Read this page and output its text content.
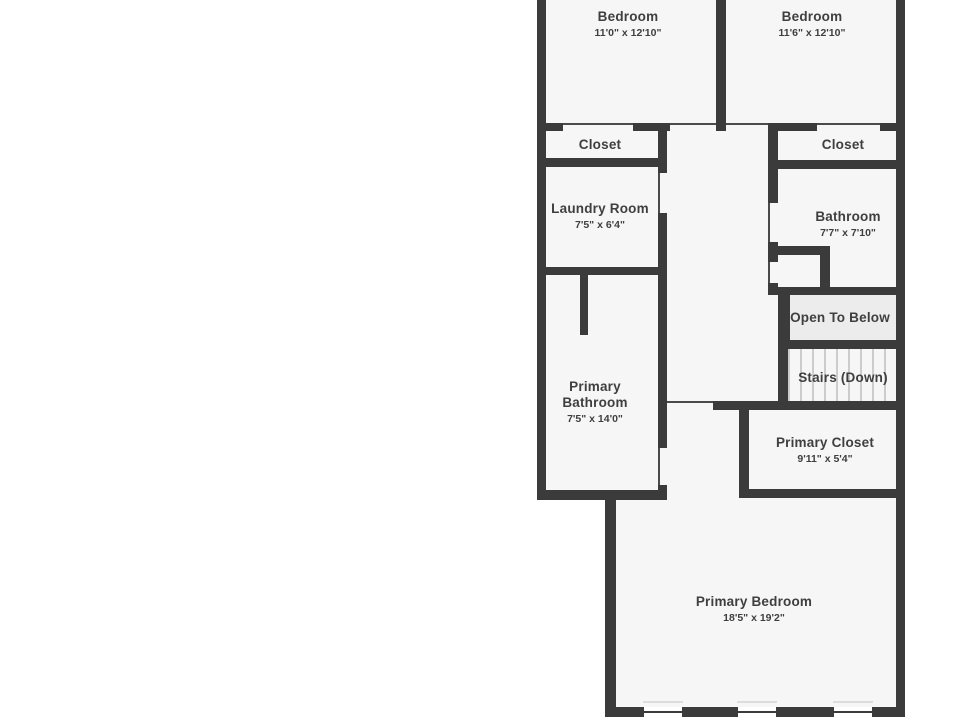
Bedroom
11'0" x 12'10"
Bedroom
11'6" x 12'10"
Closet	Closet
Laundry Room
7'5" x 6'4"
Bathroom
7'7" x 7'10"
Open To Below
Stairs (Down)
Primary Bathroom
7'5" x 14'0"
Primary Closet
9'11" x 5'4"
Primary Bedroom
18'5" x 19'2"
